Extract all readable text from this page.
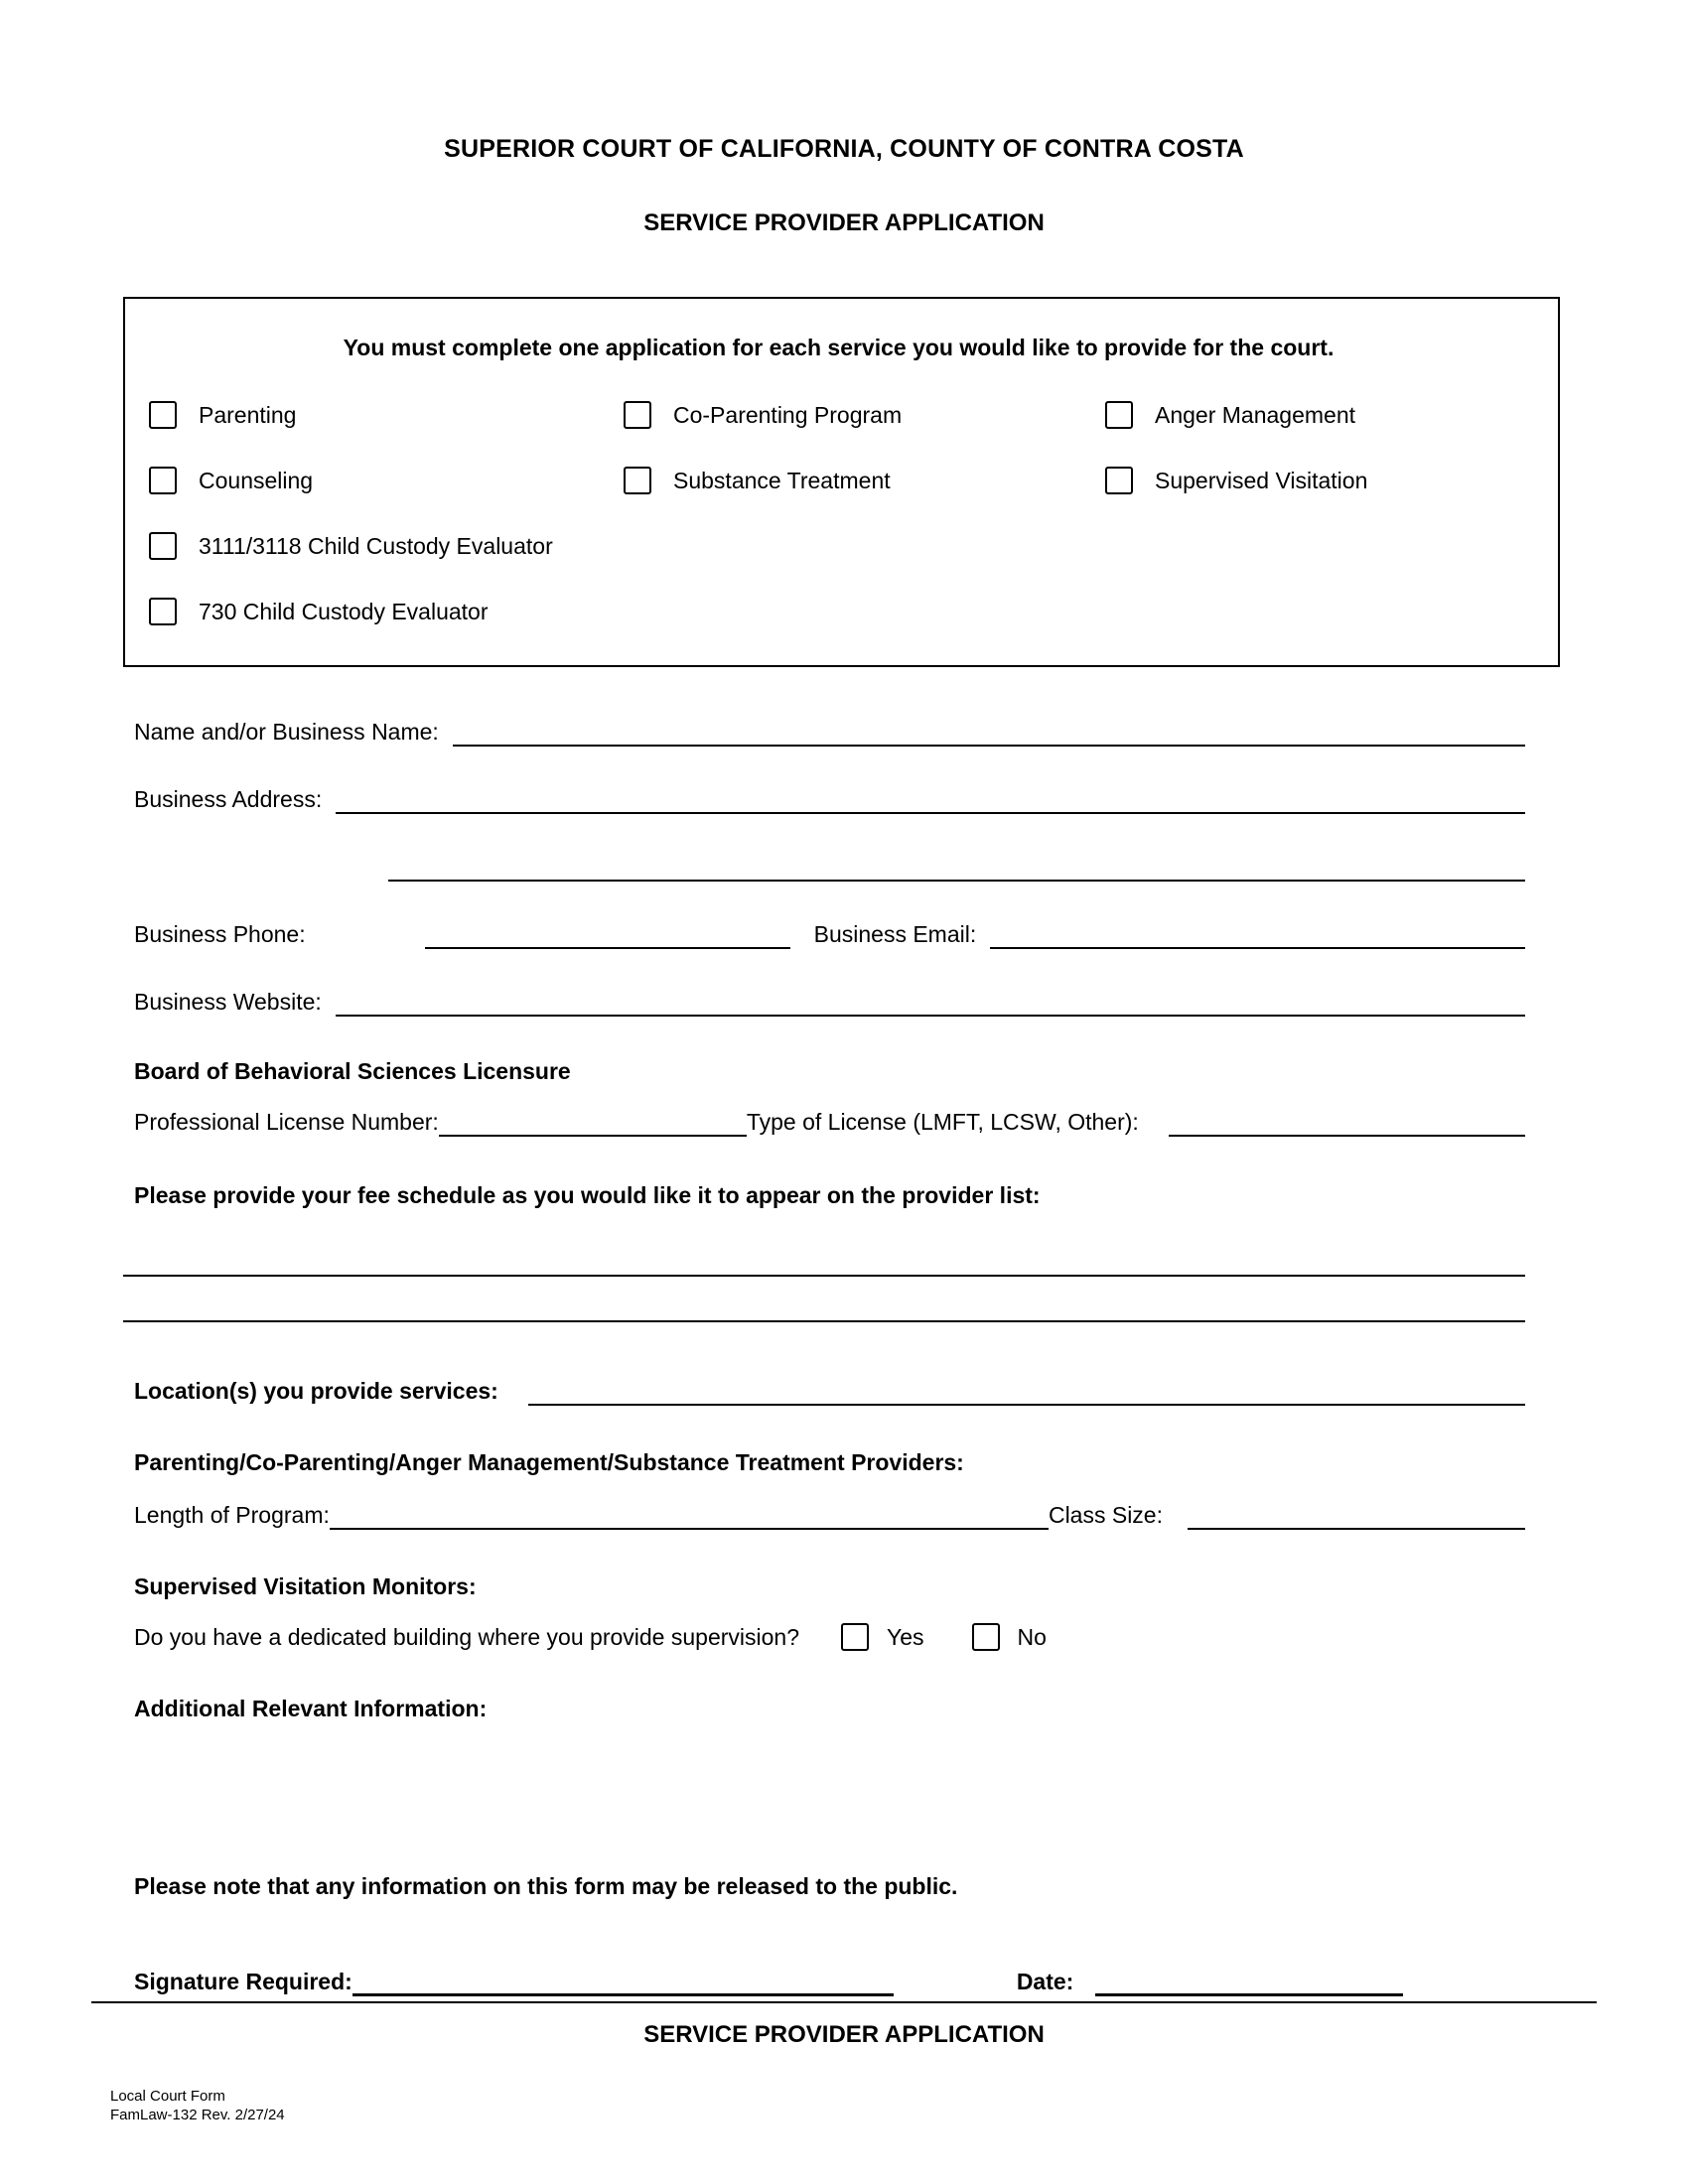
SUPERIOR COURT OF CALIFORNIA, COUNTY OF CONTRA COSTA
SERVICE PROVIDER APPLICATION
You must complete one application for each service you would like to provide for the court.
Parenting	Co-Parenting Program	Anger Management
Counseling	Substance Treatment	Supervised Visitation
3111/3118 Child Custody Evaluator
730 Child Custody Evaluator
Name and/or Business Name:
Business Address:
Business Phone:	Business Email:
Business Website:
Board of Behavioral Sciences Licensure
Professional License Number:	Type of License (LMFT, LCSW, Other):
Please provide your fee schedule as you would like it to appear on the provider list:
Location(s) you provide services:
Parenting/Co-Parenting/Anger Management/Substance Treatment Providers:
Length of Program:	Class Size:
Supervised Visitation Monitors:
Do you have a dedicated building where you provide supervision?	Yes	No
Additional Relevant Information:
Please note that any information on this form may be released to the public.
Signature Required:	Date:
SERVICE PROVIDER APPLICATION
Local Court Form
FamLaw-132 Rev. 2/27/24
